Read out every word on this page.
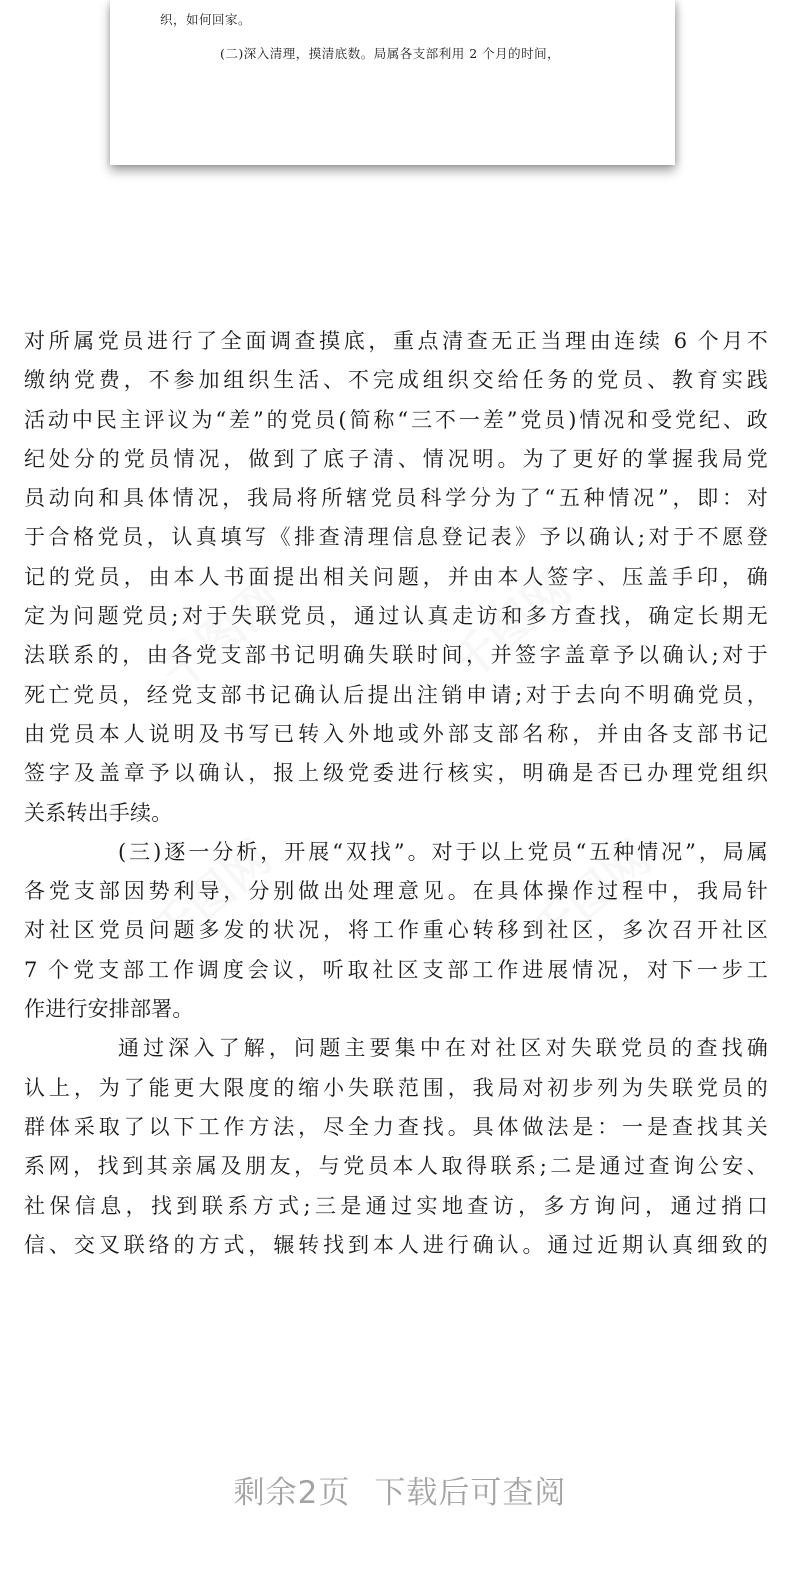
千图网	千图网
千图网	千图网
织，如何回家。
(二)深入清理，摸清底数。局属各支部利用 2 个月的时间，
对所属党员进行了全面调查摸底，重点清查无正当理由连续 6 个月不
缴纳党费，不参加组织生活、不完成组织交给任务的党员、教育实践
活动中民主评议为“差”的党员(简称“三不一差”党员)情况和受党纪、政
纪处分的党员情况，做到了底子清、情况明。为了更好的掌握我局党
员动向和具体情况，我局将所辖党员科学分为了“五种情况”，即：对
于合格党员，认真填写《排查清理信息登记表》予以确认;对于不愿登
记的党员，由本人书面提出相关问题，并由本人签字、压盖手印，确
定为问题党员;对于失联党员，通过认真走访和多方查找，确定长期无
法联系的，由各党支部书记明确失联时间，并签字盖章予以确认;对于
死亡党员，经党支部书记确认后提出注销申请;对于去向不明确党员，
由党员本人说明及书写已转入外地或外部支部名称，并由各支部书记
签字及盖章予以确认，报上级党委进行核实，明确是否已办理党组织
关系转出手续。
(三)逐一分析，开展“双找”。对于以上党员“五种情况”，局属
各党支部因势利导，分别做出处理意见。在具体操作过程中，我局针
对社区党员问题多发的状况，将工作重心转移到社区，多次召开社区
7 个党支部工作调度会议，听取社区支部工作进展情况，对下一步工
作进行安排部署。
通过深入了解，问题主要集中在对社区对失联党员的查找确
认上，为了能更大限度的缩小失联范围，我局对初步列为失联党员的
群体采取了以下工作方法，尽全力查找。具体做法是：一是查找其关
系网，找到其亲属及朋友，与党员本人取得联系;二是通过查询公安、
社保信息，找到联系方式;三是通过实地查访，多方询问，通过捎口
信、交叉联络的方式，辗转找到本人进行确认。通过近期认真细致的
剩余2页 下载后可查阅
